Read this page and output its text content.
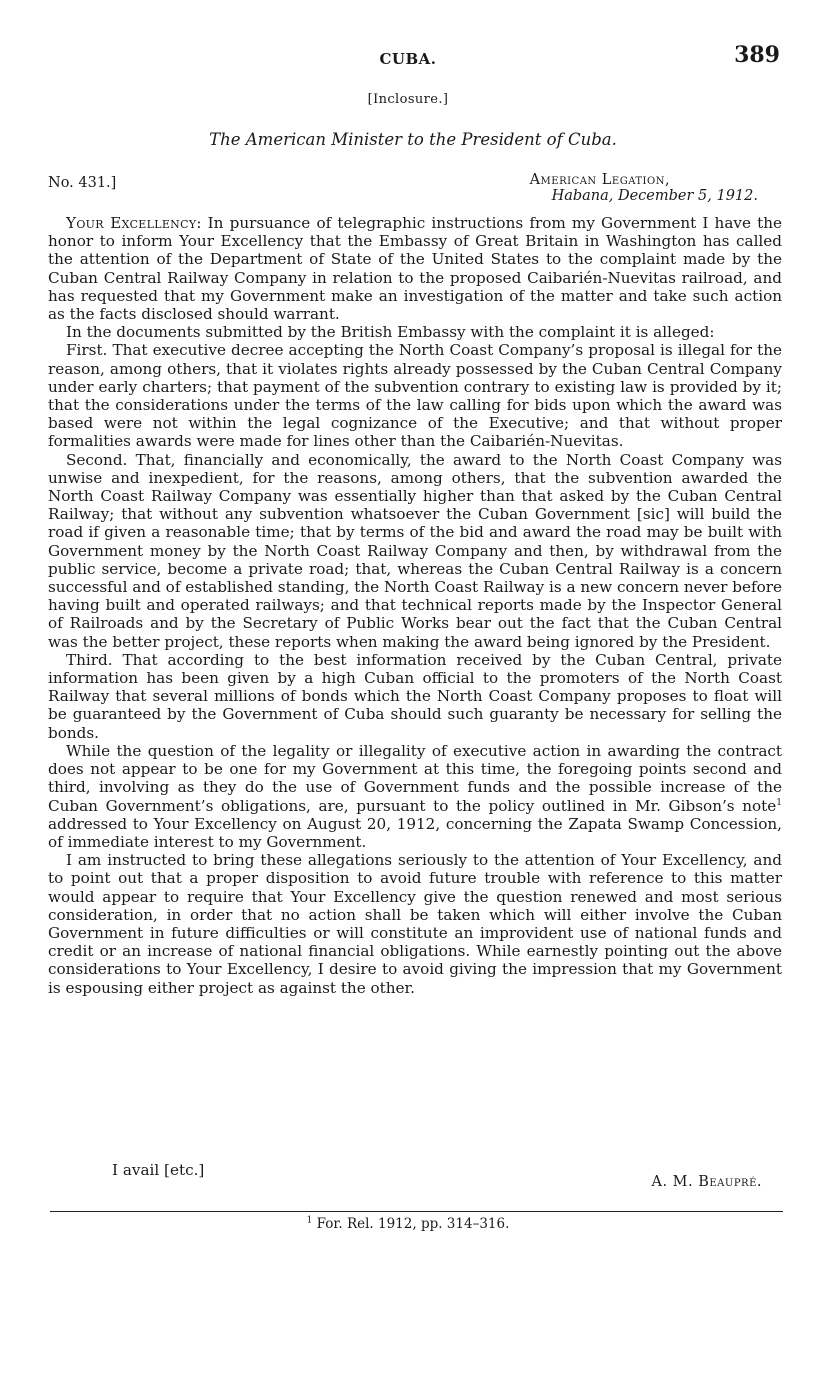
CUBA.	389
[Inclosure.]
The American Minister to the President of Cuba.
No. 431.]	American Legation,
Habana, December 5, 1912.

Your Excellency: In pursuance of telegraphic instructions from my Government I have the honor to inform Your Excellency that the Embassy of Great Britain in Washington has called the attention of the Department of State of the United States to the complaint made by the Cuban Central Railway Company in relation to the proposed Caibarién-Nuevitas railroad, and has requested that my Government make an investigation of the matter and take such action as the facts disclosed should warrant.

In the documents submitted by the British Embassy with the complaint it is alleged:

First. That executive decree accepting the North Coast Company’s proposal is illegal for the reason, among others, that it violates rights already possessed by the Cuban Central Company under early charters; that payment of the subvention contrary to existing law is provided by it; that the considerations under the terms of the law calling for bids upon which the award was based were not within the legal cognizance of the Executive; and that without proper formalities awards were made for lines other than the Caibarién-Nuevitas.

Second. That, financially and economically, the award to the North Coast Company was unwise and inexpedient, for the reasons, among others, that the subvention awarded the North Coast Railway Company was essentially higher than that asked by the Cuban Central Railway; that without any subvention whatsoever the Cuban Government [sic] will build the road if given a reasonable time; that by terms of the bid and award the road may be built with Government money by the North Coast Railway Company and then, by withdrawal from the public service, become a private road; that, whereas the Cuban Central Railway is a concern successful and of established standing, the North Coast Railway is a new concern never before having built and operated railways; and that technical reports made by the Inspector General of Railroads and by the Secretary of Public Works bear out the fact that the Cuban Central was the better project, these reports when making the award being ignored by the President.

Third. That according to the best information received by the Cuban Central, private information has been given by a high Cuban official to the promoters of the North Coast Railway that several millions of bonds which the North Coast Company proposes to float will be guaranteed by the Government of Cuba should such guaranty be necessary for selling the bonds.

While the question of the legality or illegality of executive action in awarding the contract does not appear to be one for my Government at this time, the foregoing points second and third, involving as they do the use of Government funds and the possible increase of the Cuban Government’s obligations, are, pursuant to the policy outlined in Mr. Gibson’s note$^1$ addressed to Your Excellency on August 20, 1912, concerning the Zapata Swamp Concession, of immediate interest to my Government.

I am instructed to bring these allegations seriously to the attention of Your Excellency, and to point out that a proper disposition to avoid future trouble with reference to this matter would appear to require that Your Excellency give the question renewed and most serious consideration, in order that no action shall be taken which will either involve the Cuban Government in future difficulties or will constitute an improvident use of national funds and credit or an increase of national financial obligations. While earnestly pointing out the above considerations to Your Excellency, I desire to avoid giving the impression that my Government is espousing either project as against the other.

I avail [etc.]
A. M. Beaupré.
$^1$ For. Rel. 1912, pp. 314–316.
